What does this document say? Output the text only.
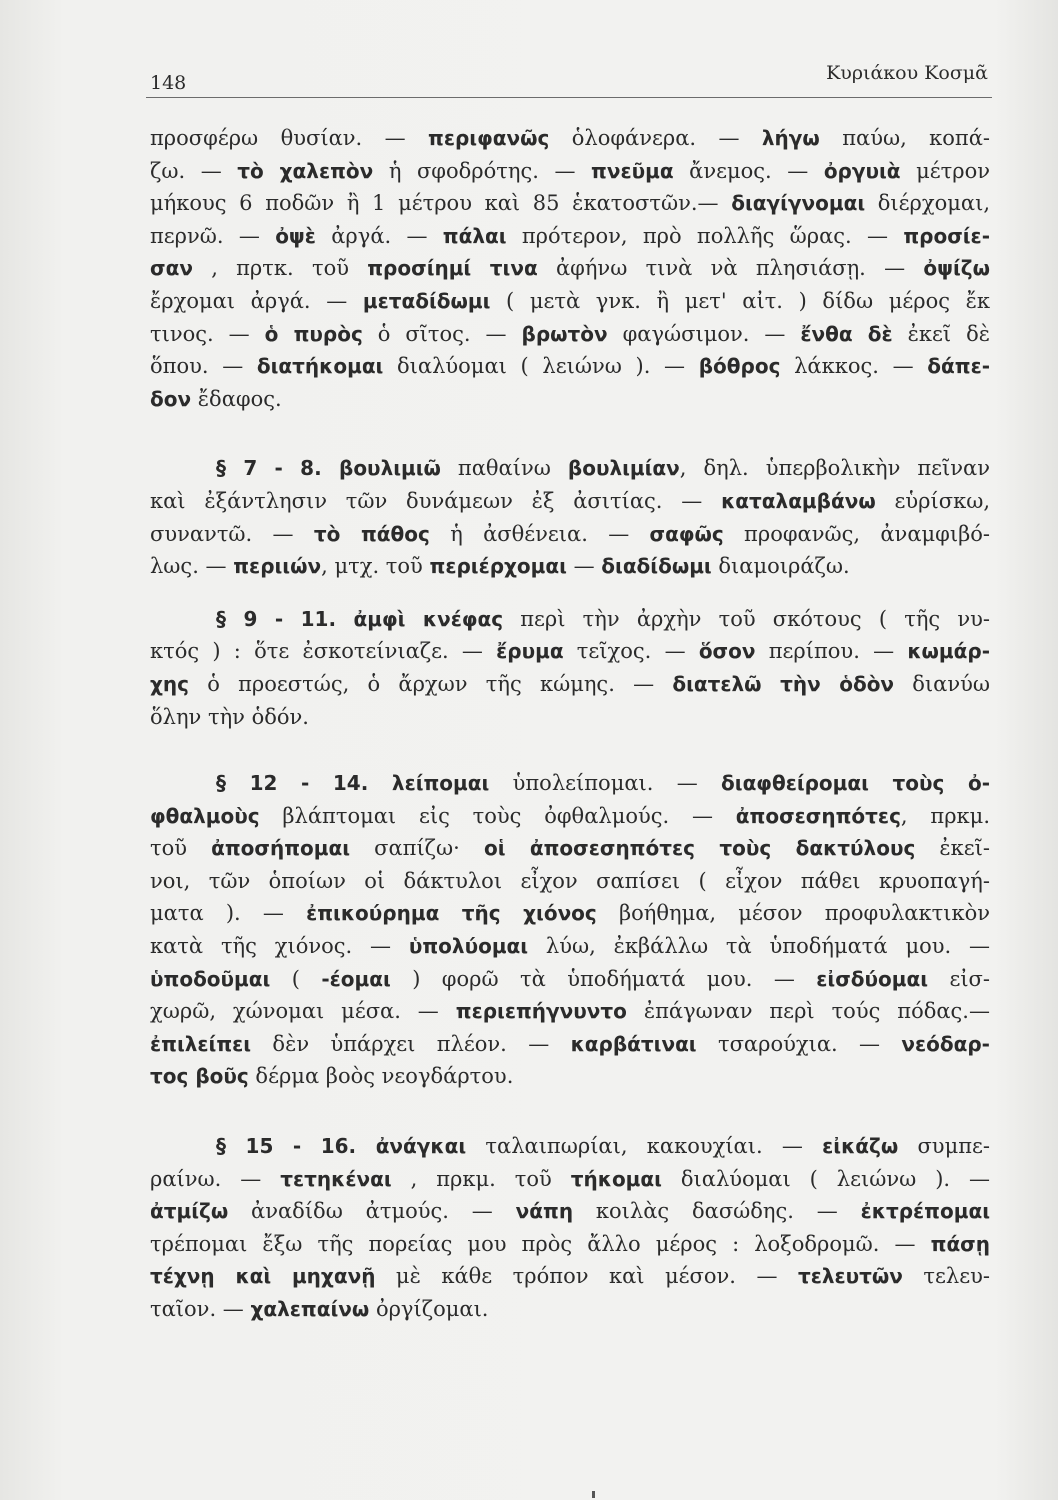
148	Κυριάκου Κοσμᾶ

προσφέρω θυσίαν. — περιφανῶς ὁλοφάνερα. — λήγω παύω, κοπά-
ζω. — τὸ χαλεπὸν ἡ σφοδρότης. — πνεῦμα ἄνεμος. — ὀργυιὰ μέτρον
μήκους 6 ποδῶν ἢ 1 μέτρου καὶ 85 ἑκατοστῶν.— διαγίγνομαι διέρχομαι,
περνῶ. — ὀψὲ ἀργά. — πάλαι πρότερον, πρὸ πολλῆς ὥρας. — προσίε-
σαν , πρτκ. τοῦ προσίημί τινα ἀφήνω τινὰ νὰ πλησιάσῃ. — ὀψίζω
ἔρχομαι ἀργά. — μεταδίδωμι ( μετὰ γνκ. ἢ μετ' αἰτ. ) δίδω μέρος ἔκ
τινος. — ὁ πυρὸς ὁ σῖτος. — βρωτὸν φαγώσιμον. — ἔνθα δὲ ἐκεῖ δὲ
ὅπου. — διατήκομαι διαλύομαι ( λειώνω ). — βόθρος λάκκος. — δάπε-
δον ἔδαφος.

§ 7 - 8. βουλιμιῶ παθαίνω βουλιμίαν, δηλ. ὑπερβολικὴν πεῖναν
καὶ ἐξάντλησιν τῶν δυνάμεων ἐξ ἀσιτίας. — καταλαμβάνω εὑρίσκω,
συναντῶ. — τὸ πάθος ἡ ἀσθένεια. — σαφῶς προφανῶς, ἀναμφιβό-
λως. — περιιών, μτχ. τοῦ περιέρχομαι — διαδίδωμι διαμοιράζω.

§ 9 - 11. ἀμφὶ κνέφας περὶ τὴν ἀρχὴν τοῦ σκότους ( τῆς νυ-
κτός ) : ὅτε ἐσκοτείνιαζε. — ἔρυμα τεῖχος. — ὅσον περίπου. — κωμάρ-
χης ὁ προεστώς, ὁ ἄρχων τῆς κώμης. — διατελῶ τὴν ὁδὸν διανύω
ὅλην τὴν ὁδόν.

§ 12 - 14. λείπομαι ὑπολείπομαι. — διαφθείρομαι τοὺς ὀ-
φθαλμοὺς βλάπτομαι εἰς τοὺς ὀφθαλμούς. — ἀποσεσηπότες, πρκμ.
τοῦ ἀποσήπομαι σαπίζω· οἱ ἀποσεσηπότες τοὺς δακτύλους ἐκεῖ-
νοι, τῶν ὁποίων οἱ δάκτυλοι εἶχον σαπίσει ( εἶχον πάθει κρυοπαγή-
ματα ). — ἐπικούρημα τῆς χιόνος βοήθημα, μέσον προφυλακτικὸν
κατὰ τῆς χιόνος. — ὑπολύομαι λύω, ἐκβάλλω τὰ ὑποδήματά μου. —
ὑποδοῦμαι ( -έομαι ) φορῶ τὰ ὑποδήματά μου. — εἰσδύομαι εἰσ-
χωρῶ, χώνομαι μέσα. — περιεπήγνυντο ἐπάγωναν περὶ τούς πόδας.—
ἐπιλείπει δὲν ὑπάρχει πλέον. — καρβάτιναι τσαρούχια. — νεόδαρ-
τος βοῦς δέρμα βοὸς νεογδάρτου.

§ 15 - 16. ἀνάγκαι ταλαιπωρίαι, κακουχίαι. — εἰκάζω συμπε-
ραίνω. — τετηκέναι , πρκμ. τοῦ τήκομαι διαλύομαι ( λειώνω ). —
ἀτμίζω ἀναδίδω ἀτμούς. — νάπη κοιλὰς δασώδης. — ἐκτρέπομαι
τρέπομαι ἔξω τῆς πορείας μου πρὸς ἄλλο μέρος : λοξοδρομῶ. — πάσῃ
τέχνῃ καὶ μηχανῇ μὲ κάθε τρόπον καὶ μέσον. — τελευτῶν τελευ-
ταῖον. — χαλεπαίνω ὀργίζομαι.
